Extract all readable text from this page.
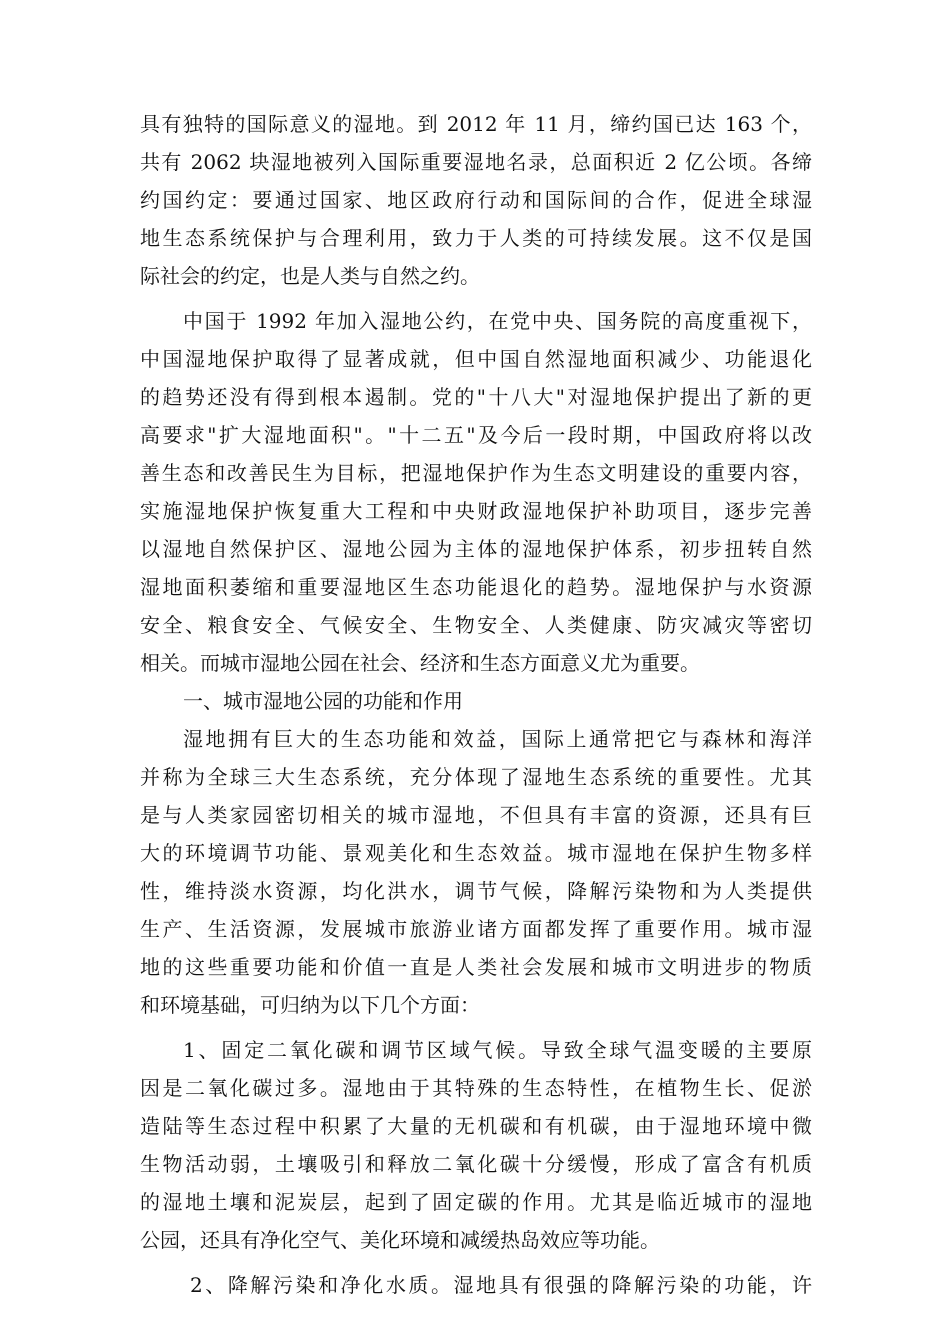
具有独特的国际意义的湿地。到 2012 年 11 月，缔约国已达 163 个，
共有 2062 块湿地被列入国际重要湿地名录，总面积近 2 亿公顷。各缔
约国约定：要通过国家、地区政府行动和国际间的合作，促进全球湿
地生态系统保护与合理利用，致力于人类的可持续发展。这不仅是国
际社会的约定，也是人类与自然之约。
中国于 1992 年加入湿地公约，在党中央、国务院的高度重视下，
中国湿地保护取得了显著成就，但中国自然湿地面积减少、功能退化
的趋势还没有得到根本遏制。党的"十八大"对湿地保护提出了新的更
高要求"扩大湿地面积"。"十二五"及今后一段时期，中国政府将以改
善生态和改善民生为目标，把湿地保护作为生态文明建设的重要内容，
实施湿地保护恢复重大工程和中央财政湿地保护补助项目，逐步完善
以湿地自然保护区、湿地公园为主体的湿地保护体系，初步扭转自然
湿地面积萎缩和重要湿地区生态功能退化的趋势。湿地保护与水资源
安全、粮食安全、气候安全、生物安全、人类健康、防灾减灾等密切
相关。而城市湿地公园在社会、经济和生态方面意义尤为重要。
一、城市湿地公园的功能和作用
湿地拥有巨大的生态功能和效益，国际上通常把它与森林和海洋
并称为全球三大生态系统，充分体现了湿地生态系统的重要性。尤其
是与人类家园密切相关的城市湿地，不但具有丰富的资源，还具有巨
大的环境调节功能、景观美化和生态效益。城市湿地在保护生物多样
性，维持淡水资源，均化洪水，调节气候，降解污染物和为人类提供
生产、生活资源，发展城市旅游业诸方面都发挥了重要作用。城市湿
地的这些重要功能和价值一直是人类社会发展和城市文明进步的物质
和环境基础，可归纳为以下几个方面：
1、固定二氧化碳和调节区域气候。导致全球气温变暖的主要原
因是二氧化碳过多。湿地由于其特殊的生态特性，在植物生长、促淤
造陆等生态过程中积累了大量的无机碳和有机碳，由于湿地环境中微
生物活动弱，土壤吸引和释放二氧化碳十分缓慢，形成了富含有机质
的湿地土壤和泥炭层，起到了固定碳的作用。尤其是临近城市的湿地
公园，还具有净化空气、美化环境和减缓热岛效应等功能。
2、降解污染和净化水质。湿地具有很强的降解污染的功能，许
